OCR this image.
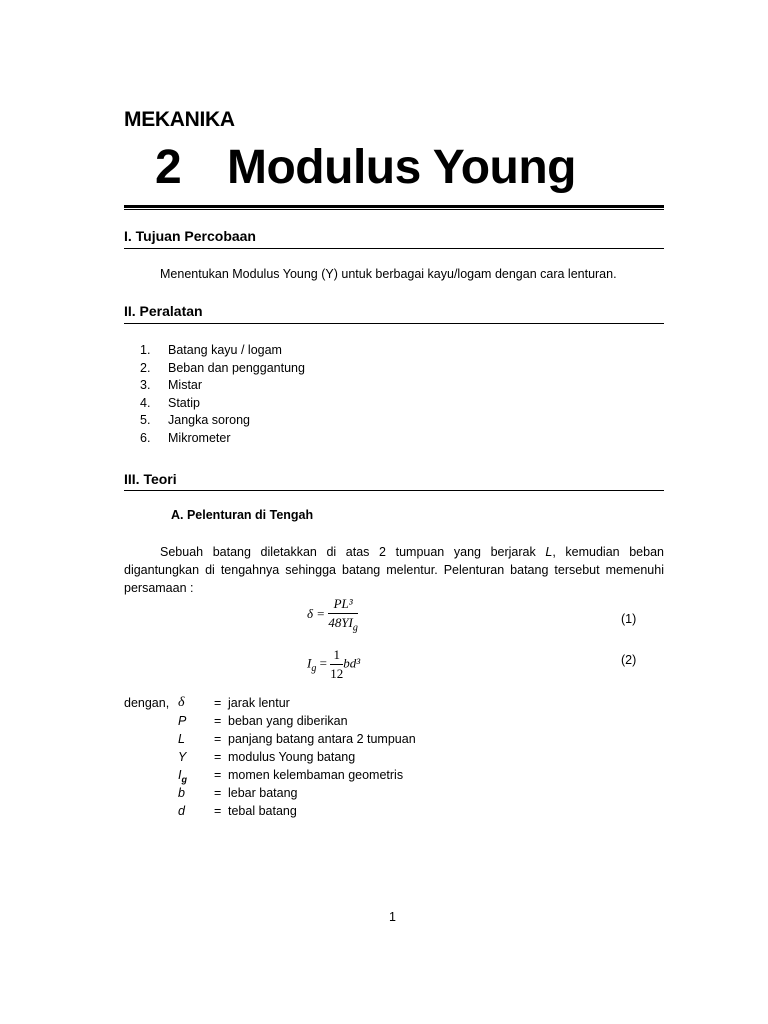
MEKANIKA
2 Modulus Young
I. Tujuan Percobaan
Menentukan Modulus Young (Y) untuk berbagai kayu/logam dengan cara lenturan.
II. Peralatan
1. Batang kayu / logam
2. Beban dan penggantung
3. Mistar
4. Statip
5. Jangka sorong
6. Mikrometer
III. Teori
A. Pelenturan di Tengah
Sebuah batang diletakkan di atas 2 tumpuan yang berjarak L, kemudian beban digantungkan di tengahnya sehingga batang melentur. Pelenturan batang tersebut memenuhi persamaan :
$\delta = \frac{\text{PL³}}{48YI_g}$	(1)
$I_g = \frac{1}{12} bd^3$	(2)
dengan, δ = jarak lentur
P = beban yang diberikan
L = panjang batang antara 2 tumpuan
Y = modulus Young batang
$I_g$ = momen kelembaman geometris
b = lebar batang
d = tebal batang
1
